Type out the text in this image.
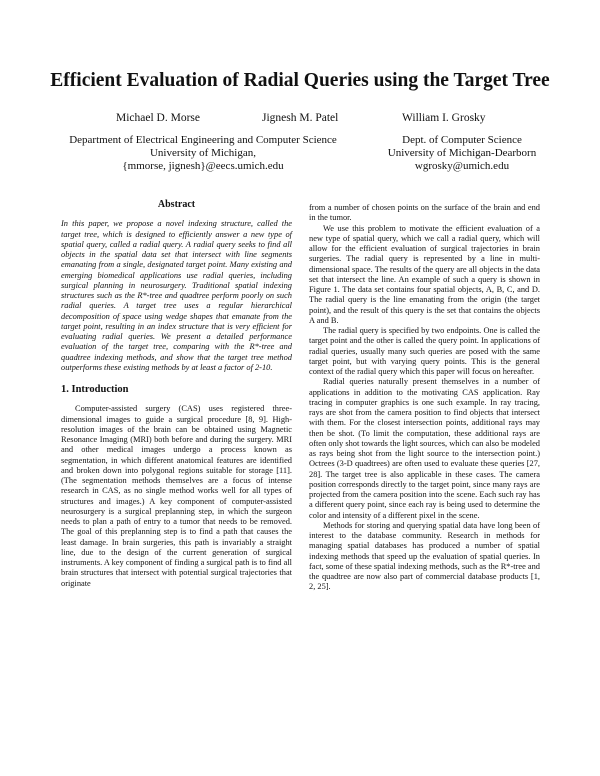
Efficient Evaluation of Radial Queries using the Target Tree
Michael D. Morse	Jignesh M. Patel	William I. Grosky
Department of Electrical Engineering and Computer Science
University of Michigan,
{mmorse, jignesh}@eecs.umich.edu
Dept. of Computer Science
University of Michigan-Dearborn
wgrosky@umich.edu

Abstract

In this paper, we propose a novel indexing structure, called the target tree, which is designed to efficiently answer a new type of spatial query, called a radial query. A radial query seeks to find all objects in the spatial data set that intersect with line segments emanating from a single, designated target point. Many existing and emerging biomedical applications use radial queries, including surgical planning in neurosurgery. Traditional spatial indexing structures such as the R*-tree and quadtree perform poorly on such radial queries. A target tree uses a regular hierarchical decomposition of space using wedge shapes that emanate from the target point, resulting in an index structure that is very efficient for evaluating radial queries. We present a detailed performance evaluation of the target tree, comparing with the R*-tree and quadtree indexing methods, and show that the target tree method outperforms these existing methods by at least a factor of 2-10.

1. Introduction

Computer-assisted surgery (CAS) uses registered three-dimensional images to guide a surgical procedure [8, 9]. High-resolution images of the brain can be obtained using Magnetic Resonance Imaging (MRI) both before and during the surgery. MRI and other medical images undergo a process known as segmentation, in which different anatomical features are identified and broken down into polygonal regions suitable for storage [11]. (The segmentation methods themselves are a focus of intense research in CAS, as no single method works well for all types of structures and images.) A key component of computer-assisted neurosurgery is a surgical preplanning step, in which the surgeon needs to plan a path of entry to a tumor that needs to be removed. The goal of this preplanning step is to find a path that causes the least damage. In brain surgeries, this path is invariably a straight line, due to the design of the current generation of surgical instruments. A key component of finding a surgical path is to find all brain structures that intersect with potential surgical trajectories that originate

from a number of chosen points on the surface of the brain and end in the tumor.

We use this problem to motivate the efficient evaluation of a new type of spatial query, which we call a radial query, which will allow for the efficient evaluation of surgical trajectories in brain surgeries. The radial query is represented by a line in multi-dimensional space. The results of the query are all objects in the data set that intersect the line. An example of such a query is shown in Figure 1. The data set contains four spatial objects, A, B, C, and D. The radial query is the line emanating from the origin (the target point), and the result of this query is the set that contains the objects A and B.

The radial query is specified by two endpoints. One is called the target point and the other is called the query point. In applications of radial queries, usually many such queries are posed with the same target point, but with varying query points. This is the general context of the radial query which this paper will focus on hereafter.

Radial queries naturally present themselves in a number of applications in addition to the motivating CAS application. Ray tracing in computer graphics is one such example. In ray tracing, rays are shot from the camera position to find objects that intersect with them. For the closest intersection points, additional rays may then be shot. (To limit the computation, these additional rays are often only shot towards the light sources, which can also be modeled as rays being shot from the light source to the intersection point.) Octrees (3-D quadtrees) are often used to evaluate these queries [27, 28]. The target tree is also applicable in these cases. The camera position corresponds directly to the target point, since many rays are projected from the camera position into the scene. Each such ray has a different query point, since each ray is being used to determine the color and intensity of a different pixel in the scene.

Methods for storing and querying spatial data have long been of interest to the database community. Research in methods for managing spatial databases has produced a number of spatial indexing methods that speed up the evaluation of spatial queries. In fact, some of these spatial indexing methods, such as the R*-tree and the quadtree are now also part of commercial database products [1, 2, 25].
